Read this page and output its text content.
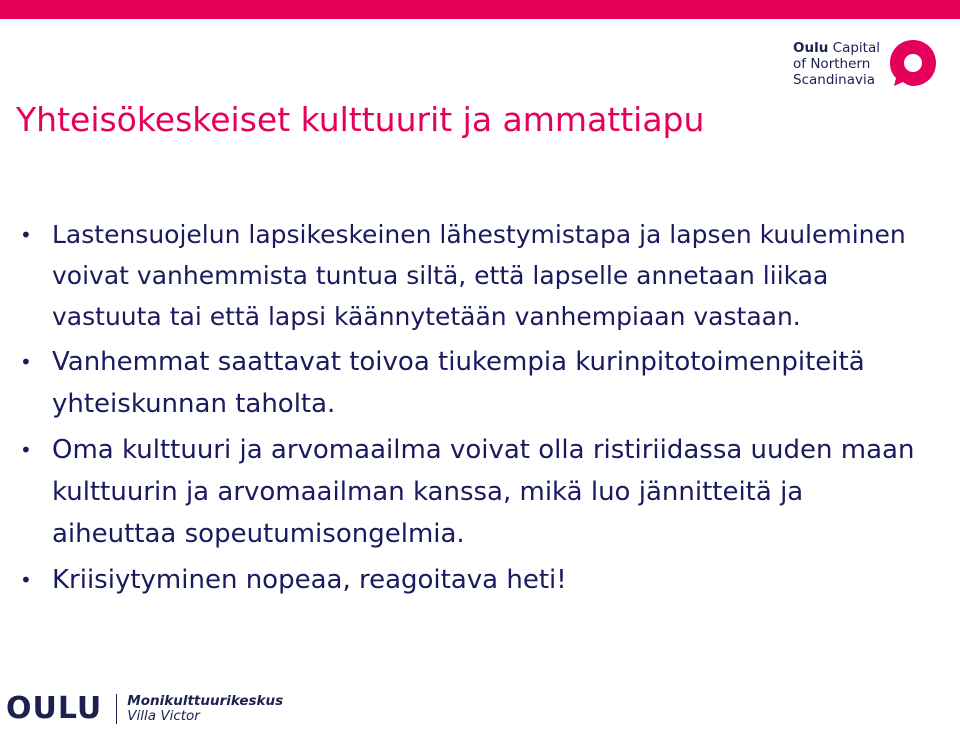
Oulu Capital
of Northern
Scandinavia
Yhteisökeskeiset kulttuurit ja ammattiapu
• Lastensuojelun lapsikeskeinen lähestymistapa ja lapsen kuuleminen voivat vanhemmista tuntua siltä, että lapselle annetaan liikaa vastuuta tai että lapsi käännytetään vanhempiaan vastaan.
• Vanhemmat saattavat toivoa tiukempia kurinpitotoimenpiteitä yhteiskunnan taholta.
• Oma kulttuuri ja arvomaailma voivat olla ristiriidassa uuden maan kulttuurin ja arvomaailman kanssa, mikä luo jännitteitä ja aiheuttaa sopeutumisongelmia.
• Kriisiytyminen nopeaa, reagoitava heti!
OULU Monikulttuurikeskus
Villa Victor
